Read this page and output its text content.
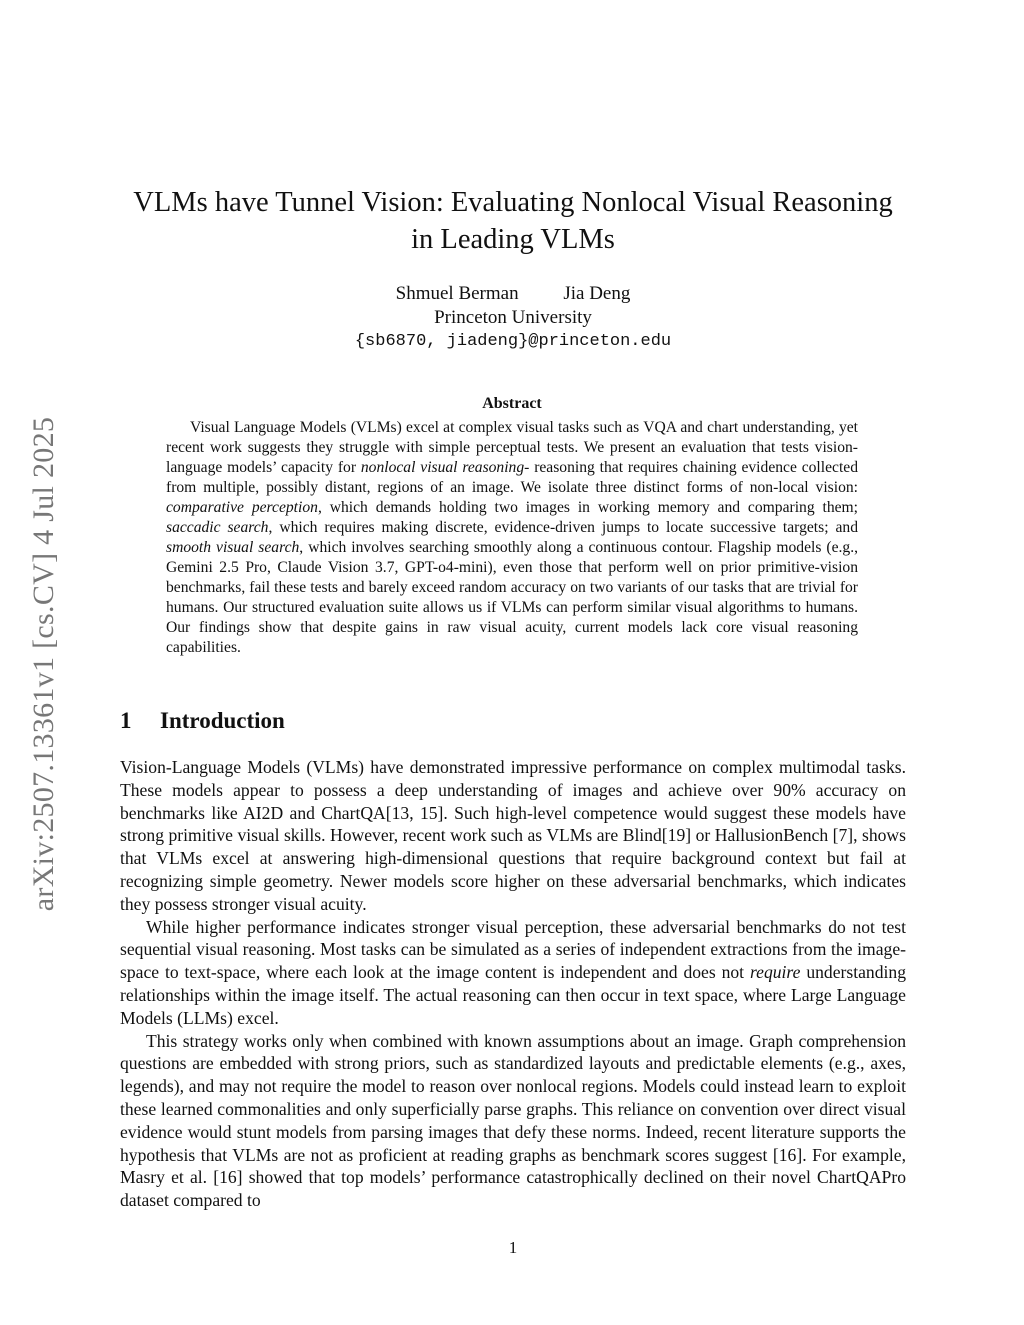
arXiv:2507.13361v1 [cs.CV] 4 Jul 2025
VLMs have Tunnel Vision: Evaluating Nonlocal Visual Reasoning
in Leading VLMs
Shmuel Berman Jia Deng
Princeton University
{sb6870, jiadeng}@princeton.edu
Abstract
Visual Language Models (VLMs) excel at complex visual tasks such as VQA and chart understanding, yet recent work suggests they struggle with simple perceptual tests. We present an evaluation that tests vision-language models’ capacity for nonlocal visual reasoning- reasoning that requires chaining evidence collected from multiple, possibly distant, regions of an image. We isolate three distinct forms of non-local vision: comparative perception, which demands holding two images in working memory and comparing them; saccadic search, which requires making discrete, evidence-driven jumps to locate successive targets; and smooth visual search, which involves searching smoothly along a continuous contour. Flagship models (e.g., Gemini 2.5 Pro, Claude Vision 3.7, GPT-o4-mini), even those that perform well on prior primitive-vision benchmarks, fail these tests and barely exceed random accuracy on two variants of our tasks that are trivial for humans. Our structured evaluation suite allows us if VLMs can perform similar visual algorithms to humans. Our findings show that despite gains in raw visual acuity, current models lack core visual reasoning capabilities.
1 Introduction

Vision-Language Models (VLMs) have demonstrated impressive performance on complex multimodal tasks. These models appear to possess a deep understanding of images and achieve over 90% accuracy on benchmarks like AI2D and ChartQA[13, 15]. Such high-level competence would suggest these models have strong primitive visual skills. However, recent work such as VLMs are Blind[19] or HallusionBench [7], shows that VLMs excel at answering high-dimensional questions that require background context but fail at recognizing simple geometry. Newer models score higher on these adversarial benchmarks, which indicates they possess stronger visual acuity.

While higher performance indicates stronger visual perception, these adversarial benchmarks do not test sequential visual reasoning. Most tasks can be simulated as a series of independent extractions from the image-space to text-space, where each look at the image content is independent and does not require understanding relationships within the image itself. The actual reasoning can then occur in text space, where Large Language Models (LLMs) excel.

This strategy works only when combined with known assumptions about an image. Graph comprehension questions are embedded with strong priors, such as standardized layouts and predictable elements (e.g., axes, legends), and may not require the model to reason over nonlocal regions. Models could instead learn to exploit these learned commonalities and only superficially parse graphs. This reliance on convention over direct visual evidence would stunt models from parsing images that defy these norms. Indeed, recent literature supports the hypothesis that VLMs are not as proficient at reading graphs as benchmark scores suggest [16]. For example, Masry et al. [16] showed that top models’ performance catastrophically declined on their novel ChartQAPro dataset compared to

1
